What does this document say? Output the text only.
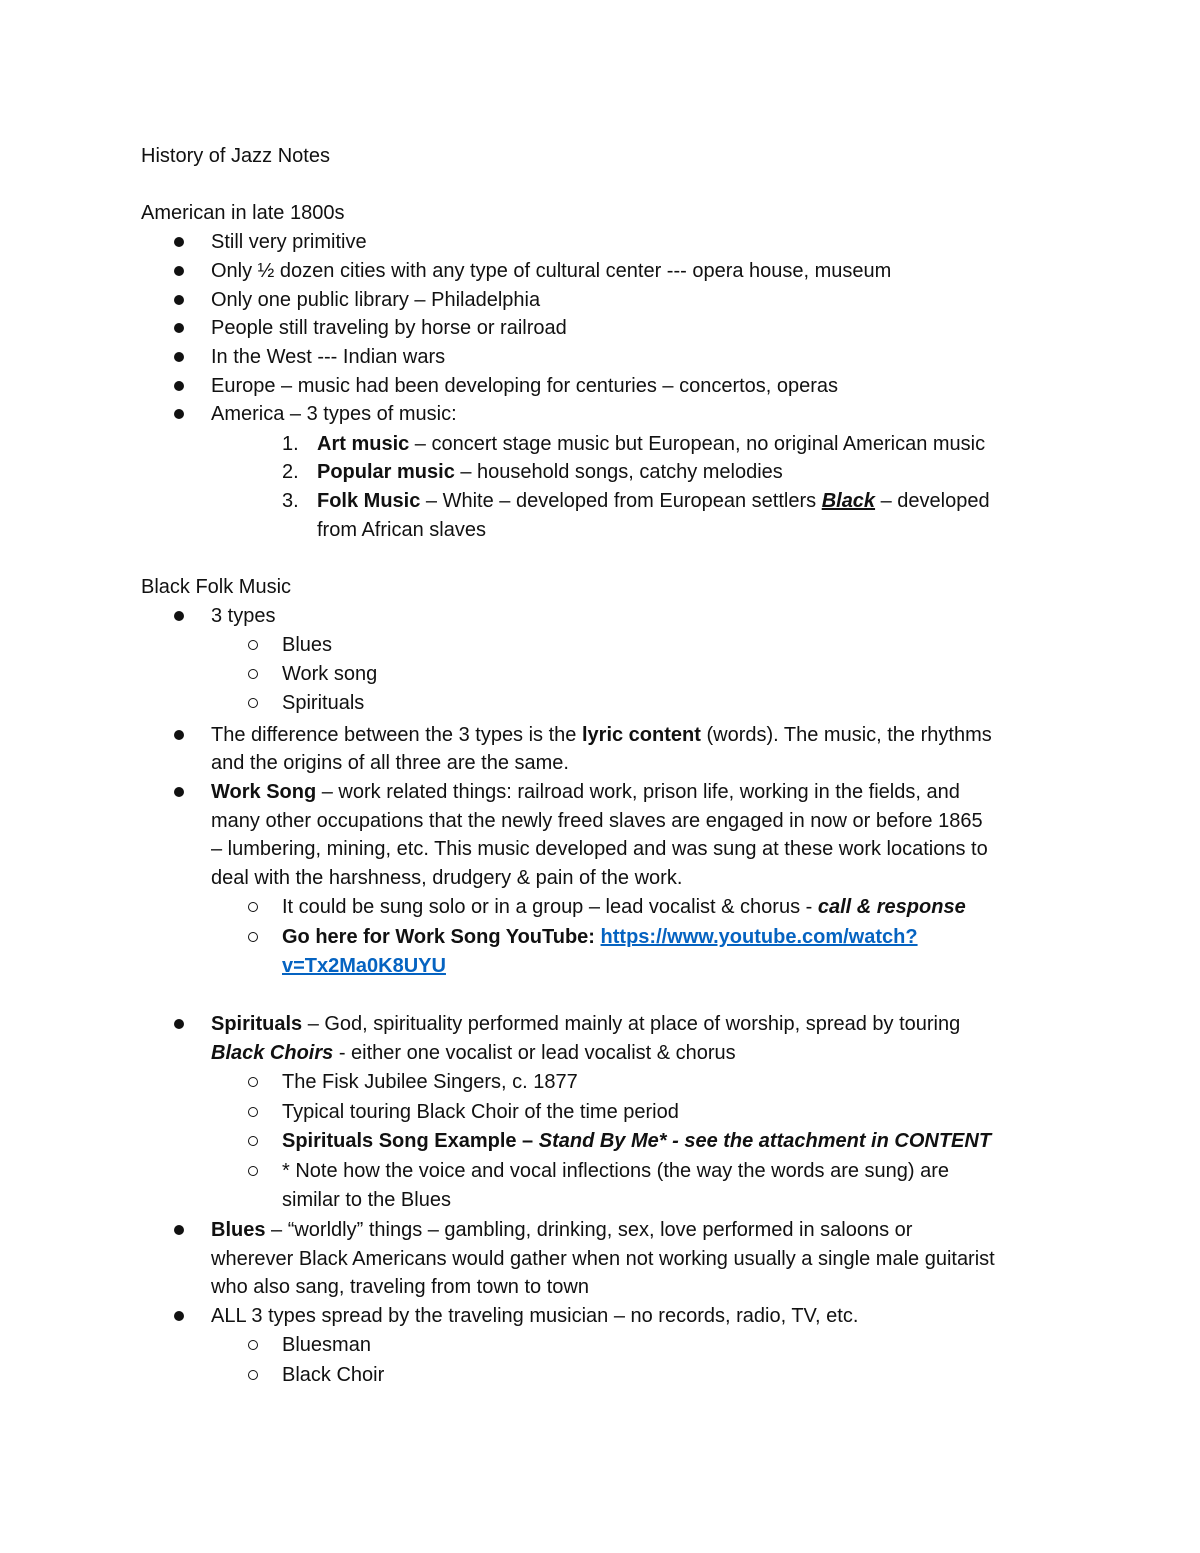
History of Jazz Notes
American in late 1800s
Still very primitive
Only ½ dozen cities with any type of cultural center --- opera house, museum
Only one public library – Philadelphia
People still traveling by horse or railroad
In the West --- Indian wars
Europe – music had been developing for centuries – concertos, operas
America – 3 types of music:
1. Art music – concert stage music but European, no original American music
2. Popular music – household songs, catchy melodies
3. Folk Music – White – developed from European settlers Black – developed
from African slaves
Black Folk Music
3 types
Blues
Work song
Spirituals
The difference between the 3 types is the lyric content (words). The music, the rhythms
and the origins of all three are the same.
Work Song – work related things: railroad work, prison life, working in the fields, and
many other occupations that the newly freed slaves are engaged in now or before 1865
– lumbering, mining, etc. This music developed and was sung at these work locations to
deal with the harshness, drudgery & pain of the work.
It could be sung solo or in a group – lead vocalist & chorus - call & response
Go here for Work Song YouTube: https://www.youtube.com/watch?
v=Tx2Ma0K8UYU
Spirituals – God, spirituality performed mainly at place of worship, spread by touring
Black Choirs - either one vocalist or lead vocalist & chorus
The Fisk Jubilee Singers, c. 1877
Typical touring Black Choir of the time period
Spirituals Song Example – Stand By Me* - see the attachment in CONTENT
* Note how the voice and vocal inflections (the way the words are sung) are
similar to the Blues
Blues – “worldly” things – gambling, drinking, sex, love performed in saloons or
wherever Black Americans would gather when not working usually a single male guitarist
who also sang, traveling from town to town
ALL 3 types spread by the traveling musician – no records, radio, TV, etc.
Bluesman
Black Choir
